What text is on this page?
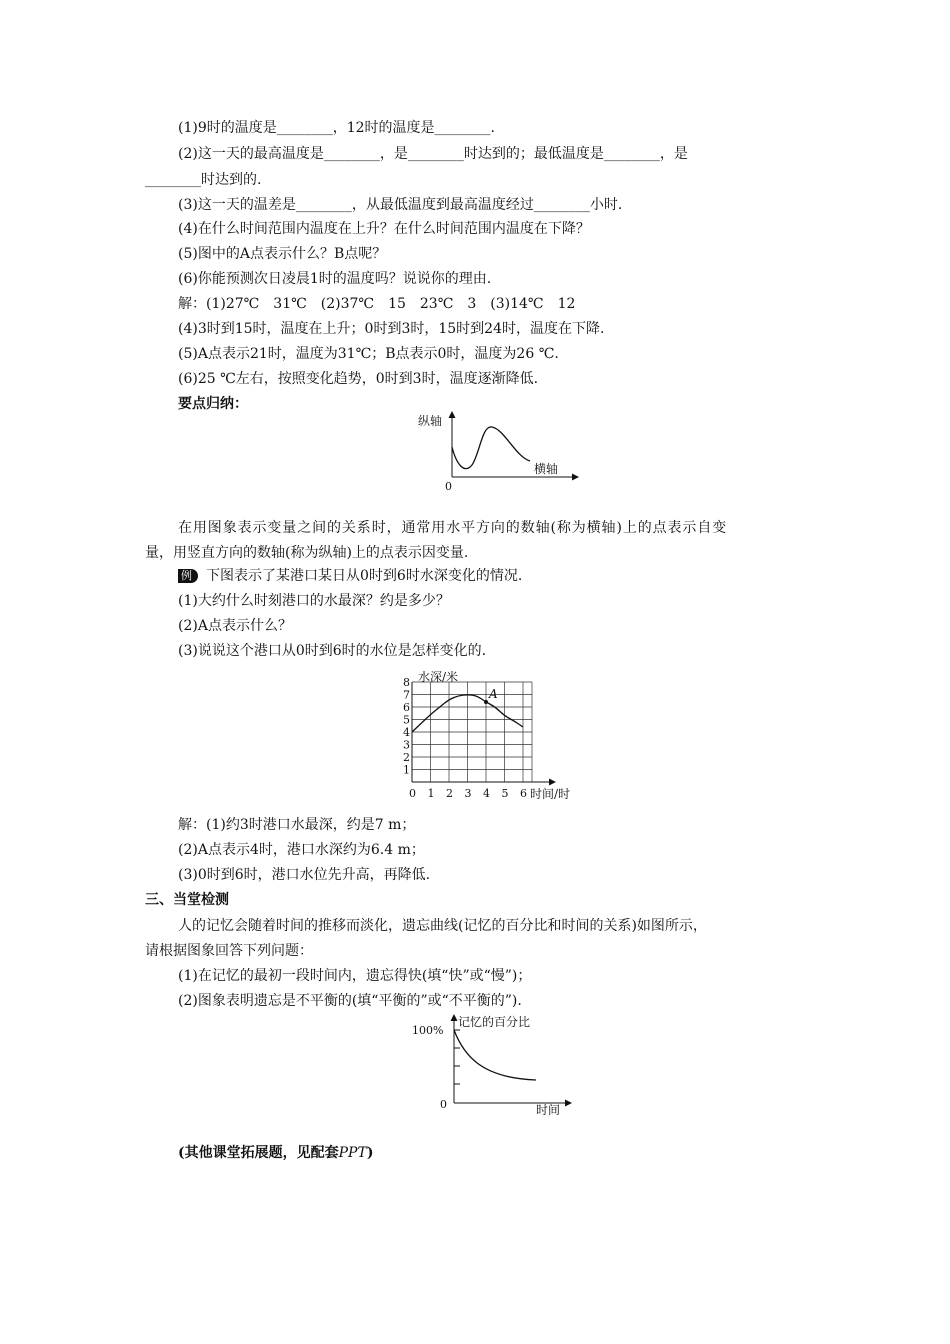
(1)9时的温度是________，12时的温度是________.
(2)这一天的最高温度是________，是________时达到的；最低温度是________，是
________时达到的.
(3)这一天的温差是________，从最低温度到最高温度经过________小时.
(4)在什么时间范围内温度在上升？在什么时间范围内温度在下降？
(5)图中的A点表示什么？B点呢？
(6)你能预测次日凌晨1时的温度吗？说说你的理由.
解：(1)27℃　31℃　(2)37℃　15　23℃　3　(3)14℃　12
(4)3时到15时，温度在上升；0时到3时，15时到24时，温度在下降.
(5)A点表示21时，温度为31℃；B点表示0时，温度为26 ℃.
(6)25 ℃左右，按照变化趋势，0时到3时，温度逐渐降低.
要点归纳：
纵轴
横轴
0
在用图象表示变量之间的关系时，通常用水平方向的数轴(称为横轴)上的点表示自变
量，用竖直方向的数轴(称为纵轴)上的点表示因变量.
例 下图表示了某港口某日从0时到6时水深变化的情况.
(1)大约什么时刻港口的水最深？约是多少？
(2)A点表示什么？
(3)说说这个港口从0时到6时的水位是怎样变化的.
1
2
3
4
5
6
7
8
0 1 2 3 4 5 6
A
水深/米
时间/时
解：(1)约3时港口水最深，约是7 m；
(2)A点表示4时，港口水深约为6.4 m；
(3)0时到6时，港口水位先升高，再降低.
三、当堂检测
人的记忆会随着时间的推移而淡化，遗忘曲线(记忆的百分比和时间的关系)如图所示，
请根据图象回答下列问题：
(1)在记忆的最初一段时间内，遗忘得快(填“快”或“慢”)；
(2)图象表明遗忘是不平衡的(填“平衡的”或“不平衡的”).
记忆的百分比
100%
时间
0
(其他课堂拓展题，见配套PPT)
